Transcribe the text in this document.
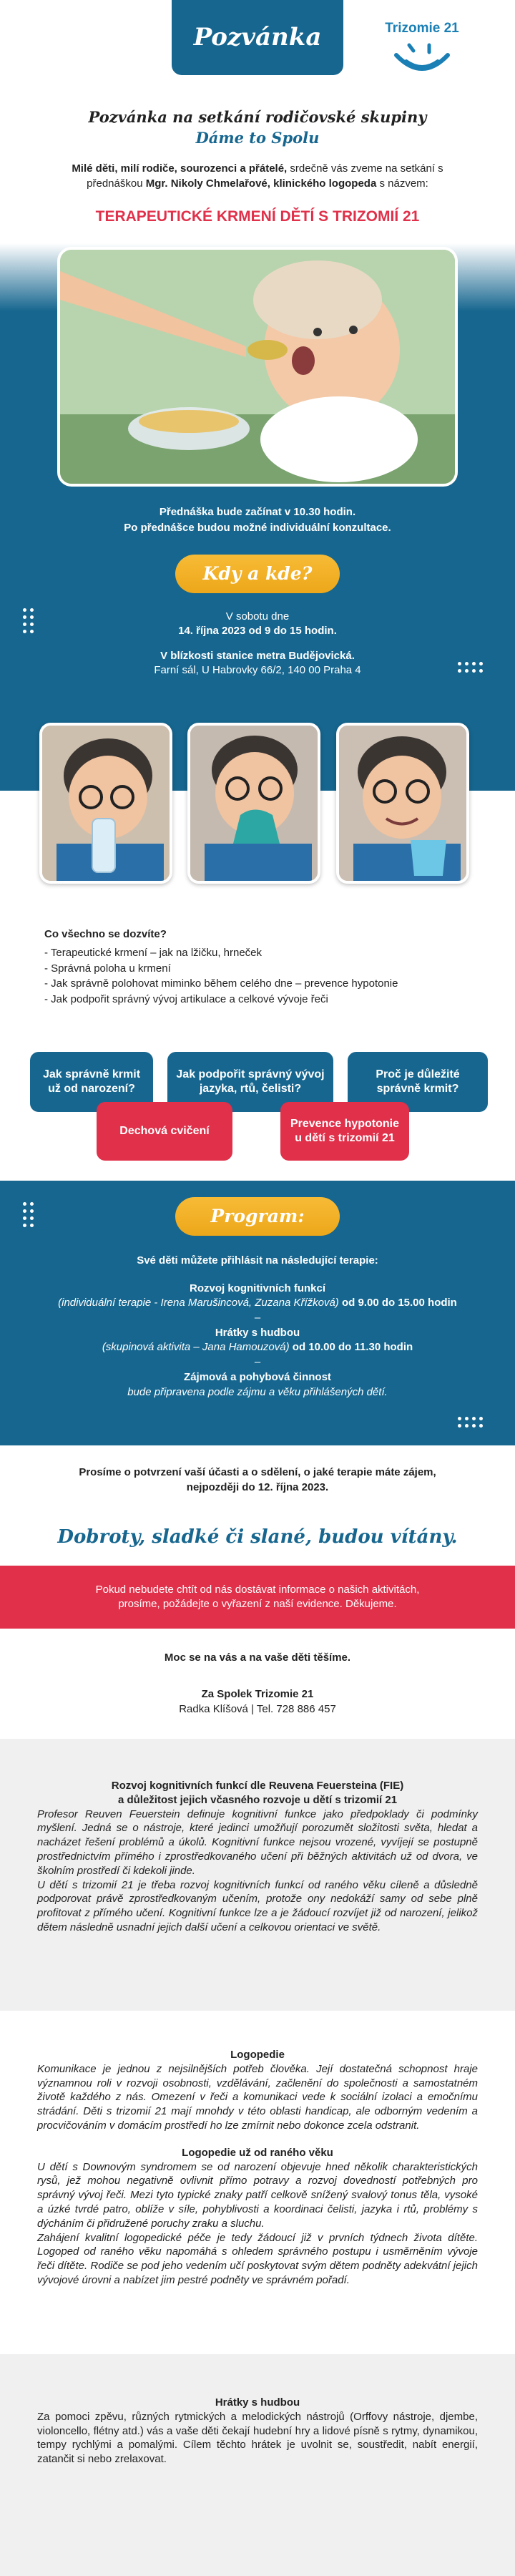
Pozvánka	Trizomie 21
Pozvánka na setkání rodičovské skupiny
Dáme to Spolu

Milé děti, milí rodiče, sourozenci a přátelé, srdečně vás zveme na setkání s přednáškou Mgr. Nikoly Chmelařové, klinického logopeda s názvem:

TERAPEUTICKÉ KRMENÍ DĚTÍ S TRIZOMIÍ 21
Přednáška bude začínat v 10.30 hodin.
Po přednášce budou možné individuální konzultace.
Kdy a kde?
V sobotu dne
14. října 2023 od 9 do 15 hodin.
V blízkosti stanice metra Budějovická.
Farní sál, U Habrovky 66/2, 140 00 Praha 4
Co všechno se dozvíte?
- Terapeutické krmení – jak na lžičku, hrneček
- Správná poloha u krmení
- Jak správně polohovat miminko během celého dne – prevence hypotonie
- Jak podpořit správný vývoj artikulace a celkové vývoje řeči
Jak správně krmit už od narození?
Jak podpořit správný vývoj jazyka, rtů, čelisti?
Proč je důležité správně krmit?
Dechová cvičení
Prevence hypotonie u dětí s trizomií 21
Program:
Své děti můžete přihlásit na následující terapie:
Rozvoj kognitivních funkcí
(individuální terapie - Irena Marušincová, Zuzana Křížková) od 9.00 do 15.00 hodin
–
Hrátky s hudbou
(skupinová aktivita – Jana Hamouzová) od 10.00 do 11.30 hodin
–
Zájmová a pohybová činnost
bude připravena podle zájmu a věku přihlášených dětí.
Prosíme o potvrzení vaší účasti a o sdělení, o jaké terapie máte zájem,
nejpozději do 12. října 2023.
Dobroty, sladké či slané, budou vítány.
Pokud nebudete chtít od nás dostávat informace o našich aktivitách, prosíme, požádejte o vyřazení z naší evidence. Děkujeme.
Moc se na vás a na vaše děti těšíme.
Za Spolek Trizomie 21
Radka Klíšová | Tel. 728 886 457
Rozvoj kognitivních funkcí dle Reuvena Feuersteina (FIE)
a důležitost jejich včasného rozvoje u dětí s trizomií 21

Profesor Reuven Feuerstein definuje kognitivní funkce jako předpoklady či podmínky myšlení. Jedná se o nástroje, které jedinci umožňují porozumět složitosti světa, hledat a nacházet řešení problémů a úkolů. Kognitivní funkce nejsou vrozené, vyvíjejí se postupně prostřednictvím přímého i zprostředkovaného učení při běžných aktivitách už od dvora, ve školním prostředí či kdekoli jinde.

U dětí s trizomií 21 je třeba rozvoj kognitivních funkcí od raného věku cíleně a důsledně podporovat právě zprostředkovaným učením, protože ony nedokáží samy od sebe plně profitovat z přímého učení. Kognitivní funkce lze a je žádoucí rozvíjet již od narození, jelikož dětem následně usnadní jejich další učení a celkovou orientaci ve světě.

Logopedie

Komunikace je jednou z nejsilnějších potřeb člověka. Její dostatečná schopnost hraje významnou roli v rozvoji osobnosti, vzdělávání, začlenění do společnosti a samostatném životě každého z nás. Omezení v řeči a komunikaci vede k sociální izolaci a emočnímu strádání. Děti s trizomií 21 mají mnohdy v této oblasti handicap, ale odborným vedením a procvičováním v domácím prostředí ho lze zmírnit nebo dokonce zcela odstranit.

Logopedie už od raného věku

U dětí s Downovým syndromem se od narození objevuje hned několik charakteristických rysů, jež mohou negativně ovlivnit přímo potravy a rozvoj dovedností potřebných pro správný vývoj řeči. Mezi tyto typické znaky patří celkově snížený svalový tonus těla, vysoké a úzké tvrdé patro, oblíže v síle, pohyblivosti a koordinaci čelisti, jazyka i rtů, problémy s dýcháním či přidružené poruchy zraku a sluchu.

Zahájení kvalitní logopedické péče je tedy žádoucí již v prvních týdnech života dítěte. Logoped od raného věku napomáhá s ohledem správného postupu i usměrněním vývoje řeči dítěte. Rodiče se pod jeho vedením učí poskytovat svým dětem podněty adekvátní jejich vývojové úrovni a nabízet jim pestré podněty ve správném pořadí.

Hrátky s hudbou

Za pomoci zpěvu, různých rytmických a melodických nástrojů (Orffovy nástroje, djembe, violoncello, flétny atd.) vás a vaše děti čekají hudební hry a lidové písně s rytmy, dynamikou, tempy rychlými a pomalými. Cílem těchto hrátek je uvolnit se, soustředit, nabít energií, zatančit si nebo zrelaxovat.
